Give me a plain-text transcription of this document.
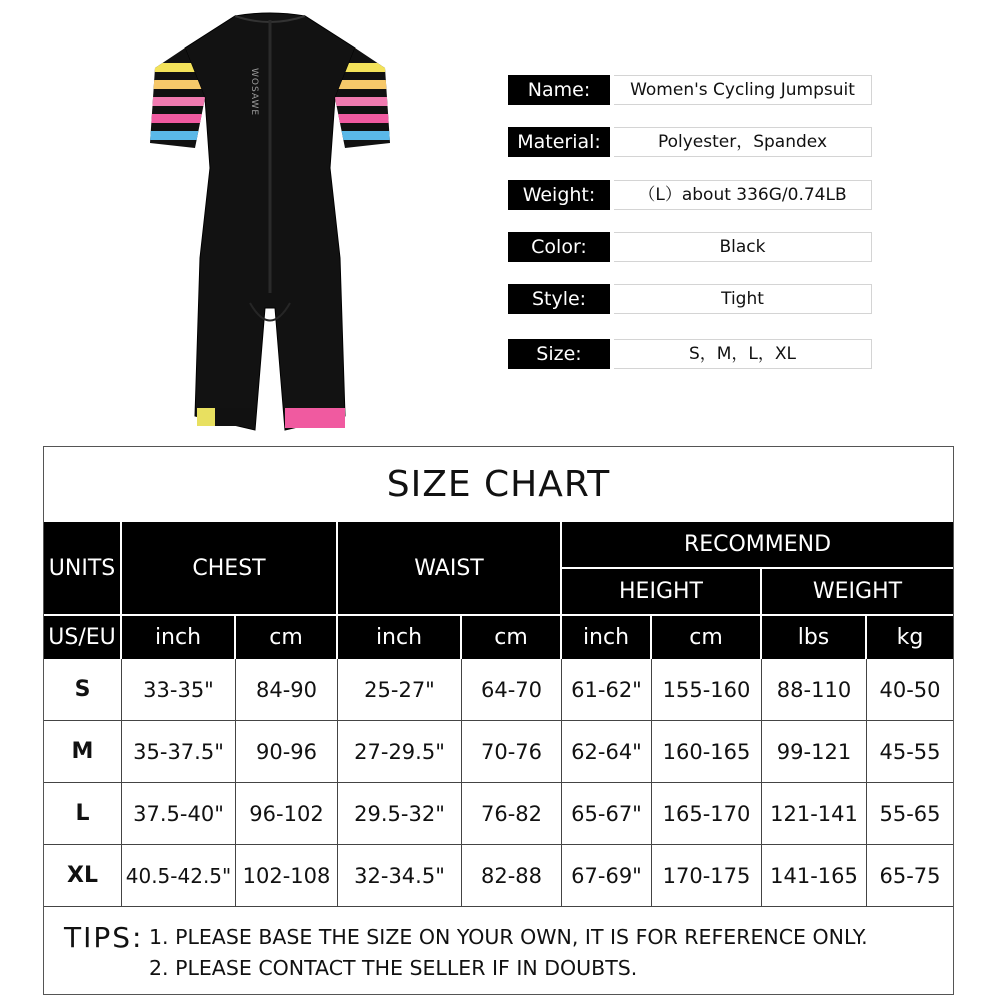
WOSAWE	Name:	Women's Cycling Jumpsuit
Material:	Polyester，Spandex
Weight:	（L）about 336G/0.74LB
Color:	Black
Style:	Tight
Size:	S，M，L，XL
SIZE CHART
UNITS	CHEST	WAIST
RECOMMEND
HEIGHT	WEIGHT
US/EU	inch	cm	inch	cm	inch	cm	lbs	kg
S	33-35"	84-90	25-27"	64-70	61-62" 155-160	88-110	40-50
M	35-37.5"	90-96	27-29.5"	70-76	62-64" 160-165	99-121	45-55
L	37.5-40"	96-102	29.5-32"	76-82	65-67" 165-170 121-141	55-65
XL	40.5-42.5" 102-108	32-34.5"	82-88	67-69" 170-175 141-165	65-75
TIPS: 1. PLEASE BASE THE SIZE ON YOUR OWN, IT IS FOR REFERENCE ONLY.
2. PLEASE CONTACT THE SELLER IF IN DOUBTS.
